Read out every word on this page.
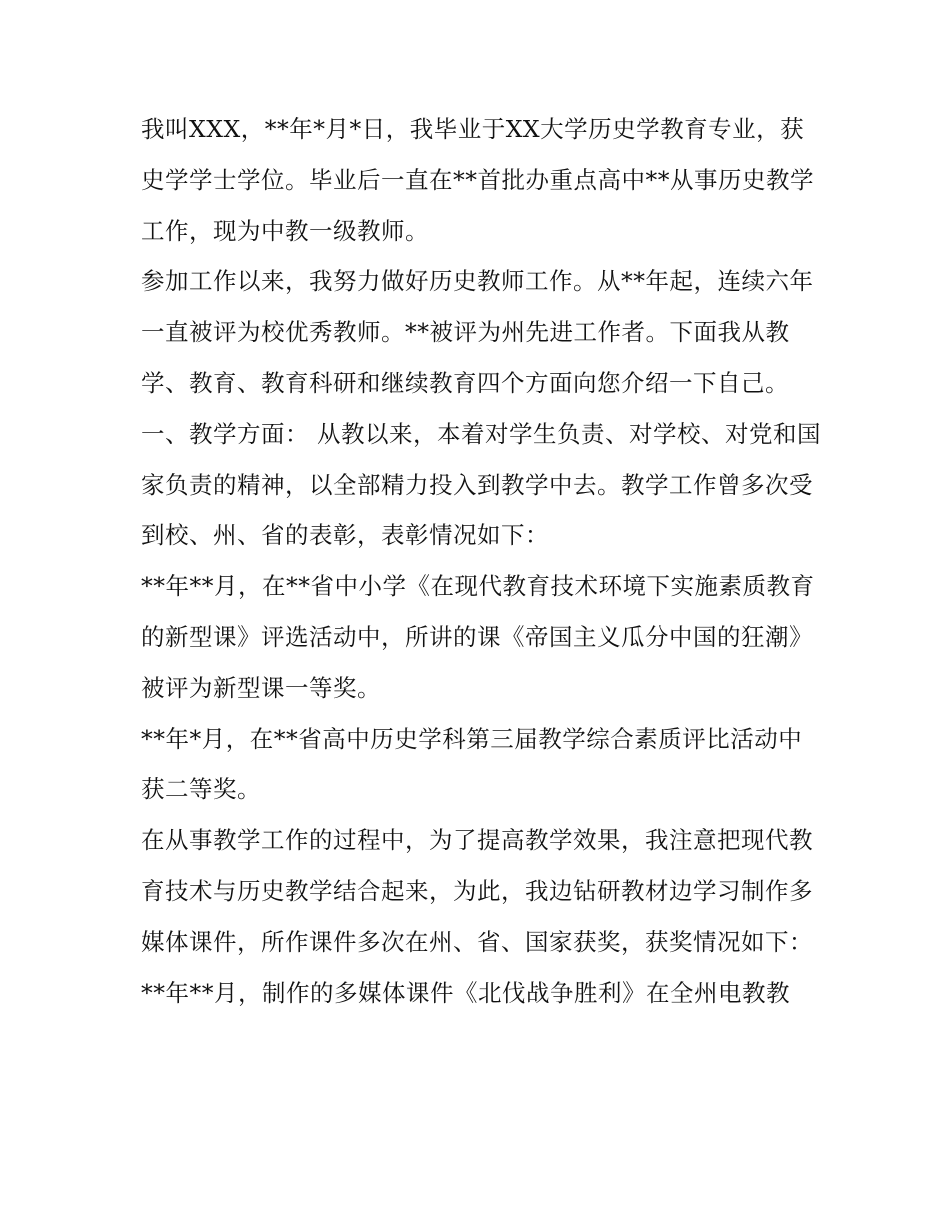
我叫XXX，**年*月*日，我毕业于XX大学历史学教育专业，获史学学士学位。毕业后一直在**首批办重点高中**从事历史教学工作，现为中教一级教师。

参加工作以来，我努力做好历史教师工作。从**年起，连续六年一直被评为校优秀教师。**被评为州先进工作者。下面我从教学、教育、教育科研和继续教育四个方面向您介绍一下自己。

一、教学方面： 从教以来，本着对学生负责、对学校、对党和国家负责的精神，以全部精力投入到教学中去。教学工作曾多次受到校、州、省的表彰，表彰情况如下：

**年**月，在**省中小学《在现代教育技术环境下实施素质教育的新型课》评选活动中，所讲的课《帝国主义瓜分中国的狂潮》被评为新型课一等奖。

**年*月，在**省高中历史学科第三届教学综合素质评比活动中获二等奖。

在从事教学工作的过程中，为了提高教学效果，我注意把现代教育技术与历史教学结合起来，为此，我边钻研教材边学习制作多媒体课件，所作课件多次在州、省、国家获奖，获奖情况如下：

**年**月，制作的多媒体课件《北伐战争胜利》在全州电教教
